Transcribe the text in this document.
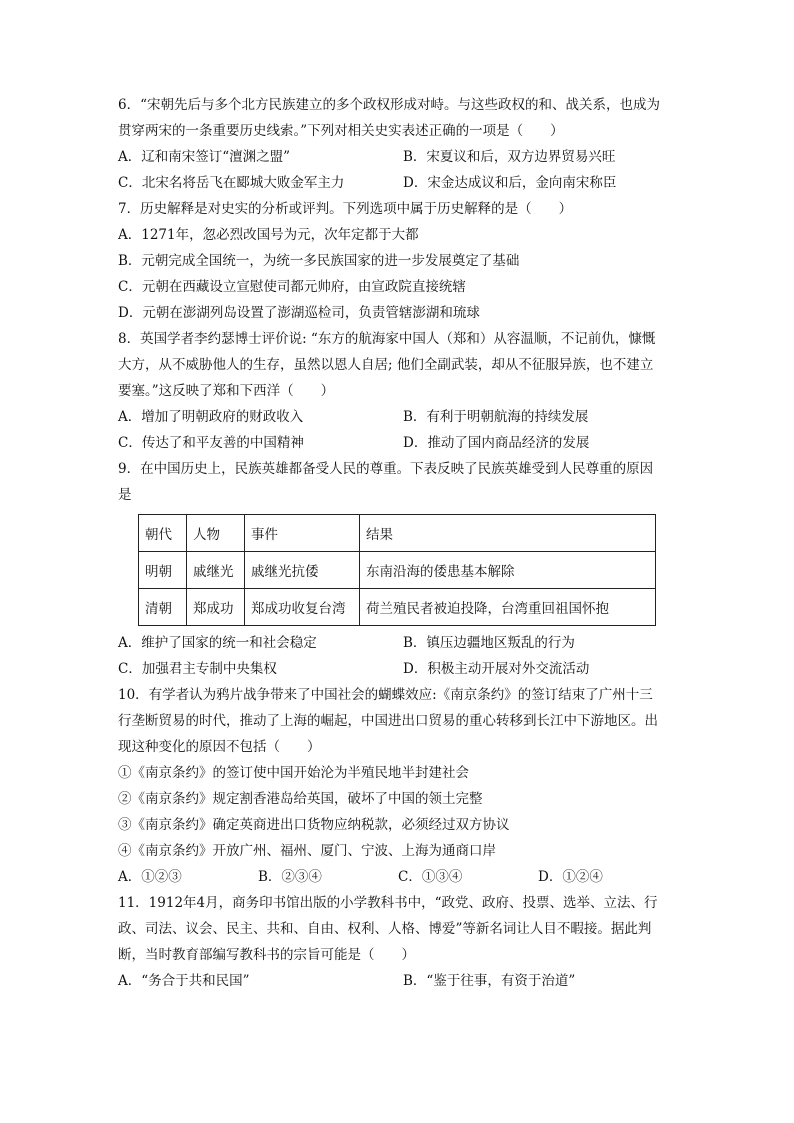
6．“宋朝先后与多个北方民族建立的多个政权形成对峙。与这些政权的和、战关系，也成为
贯穿两宋的一条重要历史线索。”下列对相关史实表述正确的一项是（　　）
A．辽和南宋签订“澶渊之盟”	B．宋夏议和后，双方边界贸易兴旺
C．北宋名将岳飞在郾城大败金军主力	D．宋金达成议和后，金向南宋称臣
7．历史解释是对史实的分析或评判。下列选项中属于历史解释的是（　　）
A．1271年，忽必烈改国号为元，次年定都于大都
B．元朝完成全国统一，为统一多民族国家的进一步发展奠定了基础
C．元朝在西藏设立宣慰使司都元帅府，由宣政院直接统辖
D．元朝在澎湖列岛设置了澎湖巡检司，负责管辖澎湖和琉球
8．英国学者李约瑟博士评价说: “东方的航海家中国人（郑和）从容温顺，不记前仇，慷慨
大方，从不威胁他人的生存，虽然以恩人自居; 他们全副武装，却从不征服异族，也不建立
要塞。”这反映了郑和下西洋（　　）
A．增加了明朝政府的财政收入	B．有利于明朝航海的持续发展
C．传达了和平友善的中国精神	D．推动了国内商品经济的发展
9．在中国历史上，民族英雄都备受人民的尊重。下表反映了民族英雄受到人民尊重的原因
是
朝代	人物	事件	结果
明朝	戚继光	戚继光抗倭	东南沿海的倭患基本解除
清朝	郑成功	郑成功收复台湾	荷兰殖民者被迫投降，台湾重回祖国怀抱
A．维护了国家的统一和社会稳定	B．镇压边疆地区叛乱的行为
C．加强君主专制中央集权	D．积极主动开展对外交流活动
10．有学者认为鸦片战争带来了中国社会的蝴蝶效应:《南京条约》的签订结束了广州十三
行垄断贸易的时代，推动了上海的崛起，中国进出口贸易的重心转移到长江中下游地区。出
现这种变化的原因不包括（　　）
①《南京条约》的签订使中国开始沦为半殖民地半封建社会
②《南京条约》规定割香港岛给英国，破坏了中国的领土完整
③《南京条约》确定英商进出口货物应纳税款，必须经过双方协议
④《南京条约》开放广州、福州、厦门、宁波、上海为通商口岸
A．①②③	B．②③④	C．①③④	D．①②④
11．1912年4月，商务印书馆出版的小学教科书中，“政党、政府、投票、选举、立法、行
政、司法、议会、民主、共和、自由、权利、人格、博爱”等新名词让人目不暇接。据此判
断，当时教育部编写教科书的宗旨可能是（　　）
A．“务合于共和民国”	B．“鉴于往事，有资于治道”
